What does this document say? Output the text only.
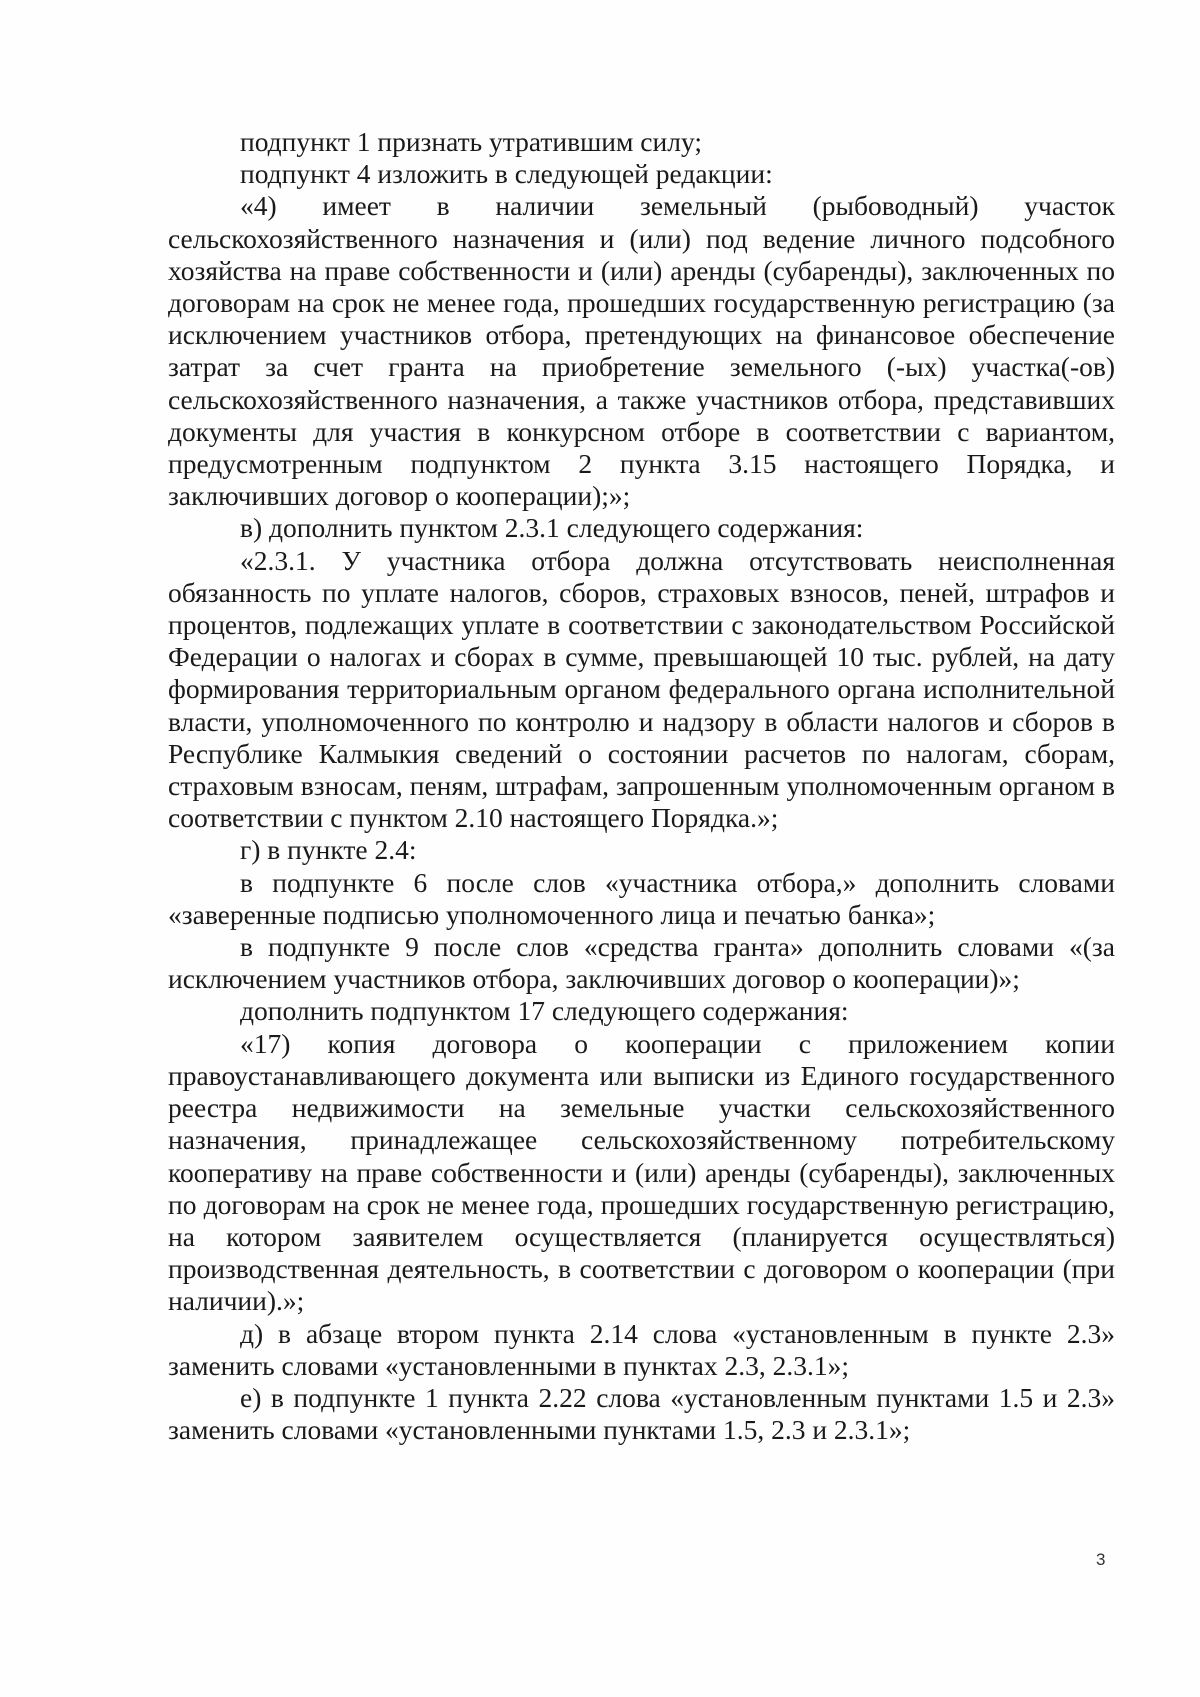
подпункт 1 признать утратившим силу;

подпункт 4 изложить в следующей редакции:

«4) имеет в наличии земельный (рыбоводный) участок сельскохозяйственного назначения и (или) под ведение личного подсобного хозяйства на праве собственности и (или) аренды (субаренды), заключенных по договорам на срок не менее года, прошедших государственную регистрацию (за исключением участников отбора, претендующих на финансовое обеспечение затрат за счет гранта на приобретение земельного (-ых) участка(-ов) сельскохозяйственного назначения, а также участников отбора, представивших документы для участия в конкурсном отборе в соответствии с вариантом, предусмотренным подпунктом 2 пункта 3.15 настоящего Порядка, и заключивших договор о кооперации);»;

в) дополнить пунктом 2.3.1 следующего содержания:

«2.3.1. У участника отбора должна отсутствовать неисполненная обязанность по уплате налогов, сборов, страховых взносов, пеней, штрафов и процентов, подлежащих уплате в соответствии с законодательством Российской Федерации о налогах и сборах в сумме, превышающей 10 тыс. рублей, на дату формирования территориальным органом федерального органа исполнительной власти, уполномоченного по контролю и надзору в области налогов и сборов в Республике Калмыкия сведений о состоянии расчетов по налогам, сборам, страховым взносам, пеням, штрафам, запрошенным уполномоченным органом в соответствии с пунктом 2.10 настоящего Порядка.»;

г) в пункте 2.4:

в подпункте 6 после слов «участника отбора,» дополнить словами «заверенные подписью уполномоченного лица и печатью банка»;

в подпункте 9 после слов «средства гранта» дополнить словами «(за исключением участников отбора, заключивших договор о кооперации)»;

дополнить подпунктом 17 следующего содержания:

«17) копия договора о кооперации с приложением копии правоустанавливающего документа или выписки из Единого государственного реестра недвижимости на земельные участки сельскохозяйственного назначения, принадлежащее сельскохозяйственному потребительскому кооперативу на праве собственности и (или) аренды (субаренды), заключенных по договорам на срок не менее года, прошедших государственную регистрацию, на котором заявителем осуществляется (планируется осуществляться) производственная деятельность, в соответствии с договором о кооперации (при наличии).»;

д) в абзаце втором пункта 2.14 слова «установленным в пункте 2.3» заменить словами «установленными в пунктах 2.3, 2.3.1»;

е) в подпункте 1 пункта 2.22 слова «установленным пунктами 1.5 и 2.3» заменить словами «установленными пунктами 1.5, 2.3 и 2.3.1»;

3
